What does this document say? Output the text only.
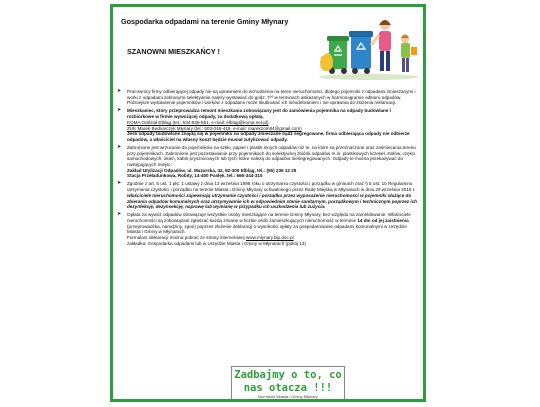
Gospodarka odpadami na terenie Gminy Młynary
SZANOWNI MIESZKAŃCY !
➤ Pracownicy firmy odbierającej odpady nie są uprawnieni do wchodzenia na teren nieruchomości, dlatego pojemniki z odpadami zmieszanymi i worki z odpadami zebranymi selektywnie należy wystawiać do godz. 7⁰⁰ w terminach wskazanych w harmonogramie odbioru odpadów. Późniejsze wystawienie pojemników i worków z odpadami może skutkować ich nieodebraniem i nie uprawnia do złożenia reklamacji.
➤ Mieszkaniec, który przeprowadza remont mieszkania zobowiązany jest do zamówienia pojemnika na odpady budowlane i rozbiórkowe w firmie wywożącej odpady, za dodatkową opłatą.
KOMA Oddział Elbląg (tel.: 534-535-551, e-mail: elblag@koma.net.pl)
ZUK Marek Bednarczyk Młynary (tel.: 603-046-419, e-mail: marekzom84@gmail.com)
Jeśli odpady budowlane znajdą się w pojemniku na odpady zmieszane bądź segregowane, firma odbierająca odpady nie odbierze odpadów, a właściciel na własny koszt będzie musiał zutylizować odpady.
➤ Zabronione jest wrzucanie do pojemników na szkło, papier i plastik innych odpadów niż te, na które są przeznaczone oraz zaśmiecania terenu przy pojemnikach. Zabronione jest pozostawianie przy pojemnikach do selektywnej zbiórki odpadów m.in. plastikowych krzeseł, stołów, części samochodowych, okien, kabin prysznicowych lub tych, które należą do odpadów niesegregowanych. Odpady te można przekazywać do następujących miejsc:
Zakład Utylizacji Odpadów, ul. Mazurska, 42, 82-300 Elbląg, tel.: (55) 236 12 25
Stacja Przeładunkowa, Robity, 14-400 Pasłęk, tel.: 666-344-315
➤ Zgodnie z art. 5 ust. 1 pkt. 1 ustawy z dnia 13 września 1996 roku o utrzymaniu czystości i porządku w gminach oraz § 5 ust. 10 Regulaminu utrzymania czystości i porządku na terenie Miasta i Gminy Młynary uchwalonego przez Radę Miejską w Młynarach w dniu 29 września 2015 r. właściciele nieruchomości zapewniają utrzymanie czystości i porządku przez wyposażenie nieruchomości w pojemniki służące do zbierania odpadów komunalnych oraz utrzymywanie ich w odpowiednim stanie sanitarnym, porządkowym i technicznym poprzez ich dezynfekcję, dezynsekcję, naprawę lub wymianę w przypadku ich uszkodzenia lub zużycia.
➤ Opłata za wywóz odpadów obowiązuje wszystkie osoby mieszkające na terenie Gminy Młynary, bez względu na zameldowanie. Właściciele nieruchomości są zobowiązani zgłaszać każdą zmianę w liczbie osób zamieszkujących nieruchomość w terminie 14 dni od jej zaistnienia (przeprowadzka, narodziny, zgon) poprzez złożenie deklaracji o wysokości opłaty za gospodarowanie odpadami komunalnymi w Urzędzie Miasta i Gminy w Młynarach.
Formularz deklaracji można pobrać ze strony internetowej www.mlynary.bip.doc.pl
zakładka: Gospodarka odpadami lub w Urzędzie Miasta i Gminy w Młynarach (pokój 13)
Zadbajmy o to, co nas otacza !!!
Burmistrz Miasta i Gminy Młynary
